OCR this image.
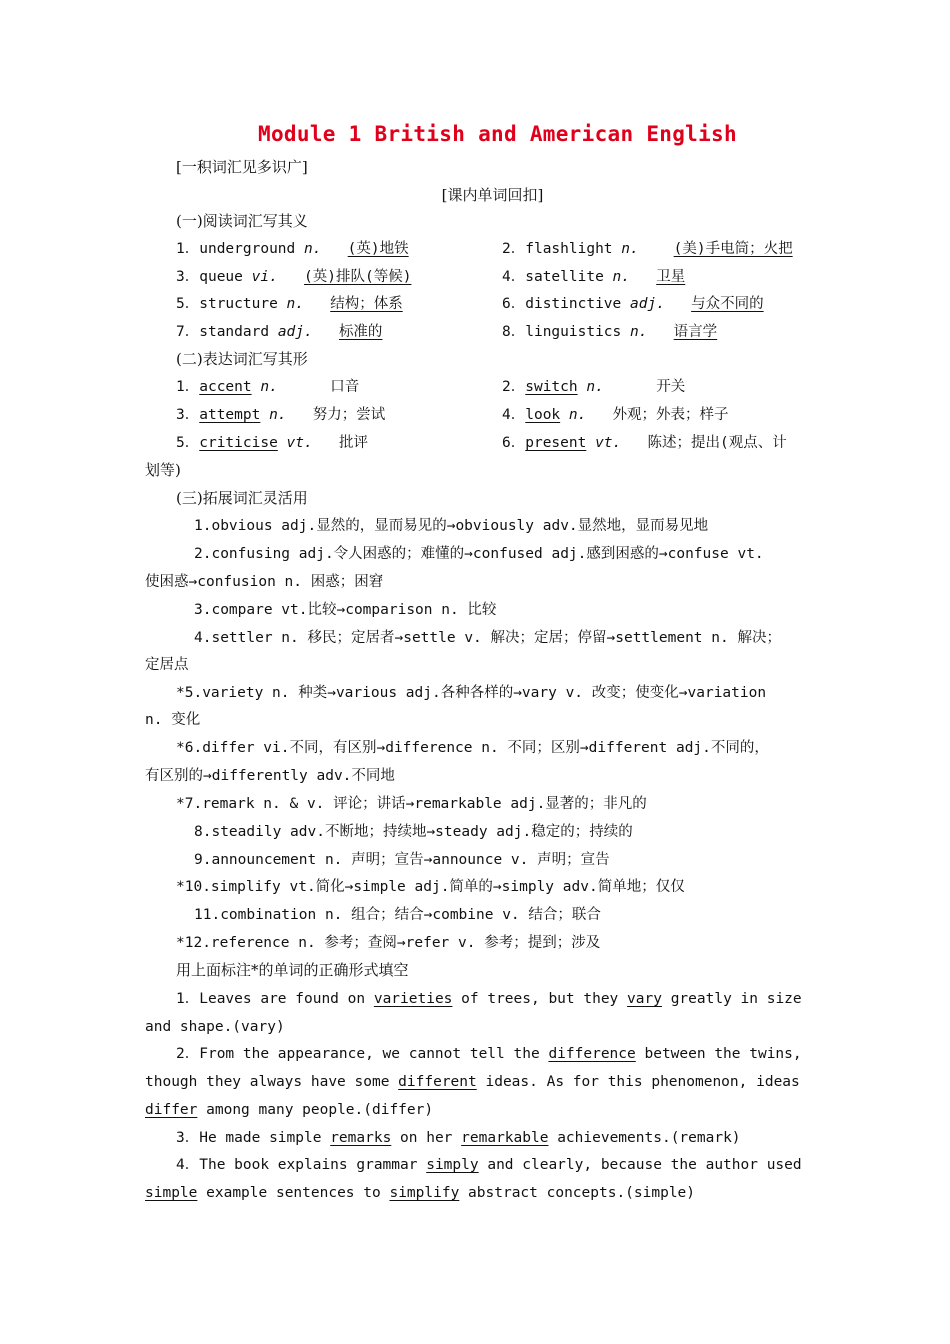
Module 1 British and American English
[一积词汇见多识广]
[课内单词回扣]
(一)阅读词汇写其义
1．underground n. (英)地铁	2．flashlight n. (美)手电筒；火把
3．queue vi. (英)排队(等候)	4．satellite n. 卫星
5．structure n. 结构；体系	6．distinctive adj. 与众不同的
7．standard adj. 标准的	8．linguistics n. 语言学
(二)表达词汇写其形
1．accent n.	口音	2．switch n.	开关
3．attempt n. 努力；尝试	4．look n. 外观；外表；样子
5．criticise vt. 批评	6．present vt. 陈述；提出(观点、计
划等)
(三)拓展词汇灵活用
1.obvious adj.显然的，显而易见的→obviously adv.显然地，显而易见地
2.confusing adj.令人困惑的；难懂的→confused adj.感到困惑的→confuse vt.
使困惑→confusion n. 困惑；困窘
3.compare vt.比较→comparison n. 比较
4.settler n. 移民；定居者→settle v. 解决；定居；停留→settlement n. 解决；
定居点
*5.variety n. 种类→various adj.各种各样的→vary v. 改变；使变化→variation
n. 变化
*6.differ vi.不同，有区别→difference n. 不同；区别→different adj.不同的，
有区别的→differently adv.不同地
*7.remark n. & v. 评论；讲话→remarkable adj.显著的；非凡的
8.steadily adv.不断地；持续地→steady adj.稳定的；持续的
9.announcement n. 声明；宣告→announce v. 声明；宣告
*10.simplify vt.简化→simple adj.简单的→simply adv.简单地；仅仅
11.combination n. 组合；结合→combine v. 结合；联合
*12.reference n. 参考；查阅→refer v. 参考；提到；涉及
用上面标注*的单词的正确形式填空
1．Leaves are found on varieties of trees, but they vary greatly in size
and shape.(vary)
2．From the appearance, we cannot tell the difference between the twins,
though they always have some different ideas. As for this phenomenon, ideas
differ among many people.(differ)
3．He made simple remarks on her remarkable achievements.(remark)
4．The book explains grammar simply and clearly, because the author used
simple example sentences to simplify abstract concepts.(simple)
